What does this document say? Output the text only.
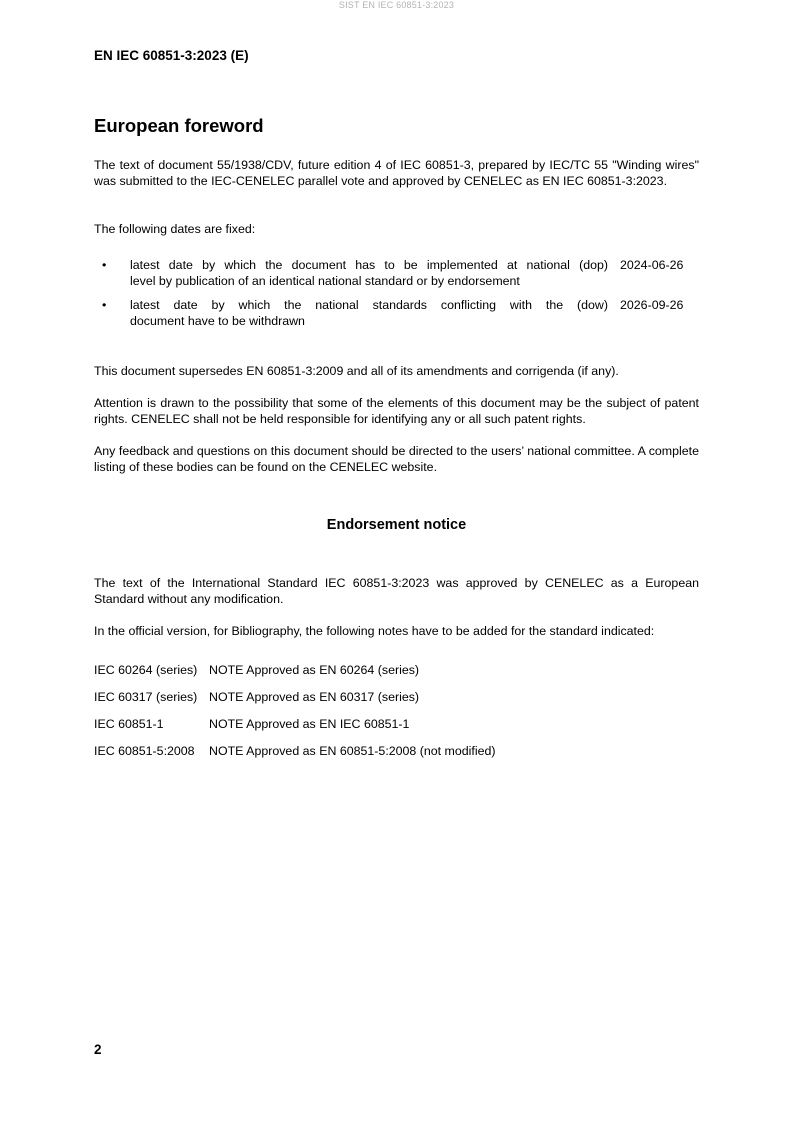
SIST EN IEC 60851-3:2023
EN IEC 60851-3:2023 (E)
European foreword
The text of document 55/1938/CDV, future edition 4 of IEC 60851-3, prepared by IEC/TC 55 "Winding wires" was submitted to the IEC-CENELEC parallel vote and approved by CENELEC as EN IEC 60851-3:2023.
The following dates are fixed:
• latest date by which the document has to be implemented at national (dop)
level by publication of an identical national standard or by endorsement
2024-06-26
• latest date by which the national standards conflicting with the (dow)
document have to be withdrawn
2026-09-26
This document supersedes EN 60851-3:2009 and all of its amendments and corrigenda (if any).
Attention is drawn to the possibility that some of the elements of this document may be the subject of patent rights. CENELEC shall not be held responsible for identifying any or all such patent rights.
Any feedback and questions on this document should be directed to the users’ national committee. A complete listing of these bodies can be found on the CENELEC website.
Endorsement notice
The text of the International Standard IEC 60851-3:2023 was approved by CENELEC as a European Standard without any modification.
In the official version, for Bibliography, the following notes have to be added for the standard indicated:
IEC 60264 (series) NOTE Approved as EN 60264 (series)
IEC 60317 (series) NOTE Approved as EN 60317 (series)
IEC 60851-1	NOTE Approved as EN IEC 60851-1
IEC 60851-5:2008 NOTE Approved as EN 60851-5:2008 (not modified)
2
